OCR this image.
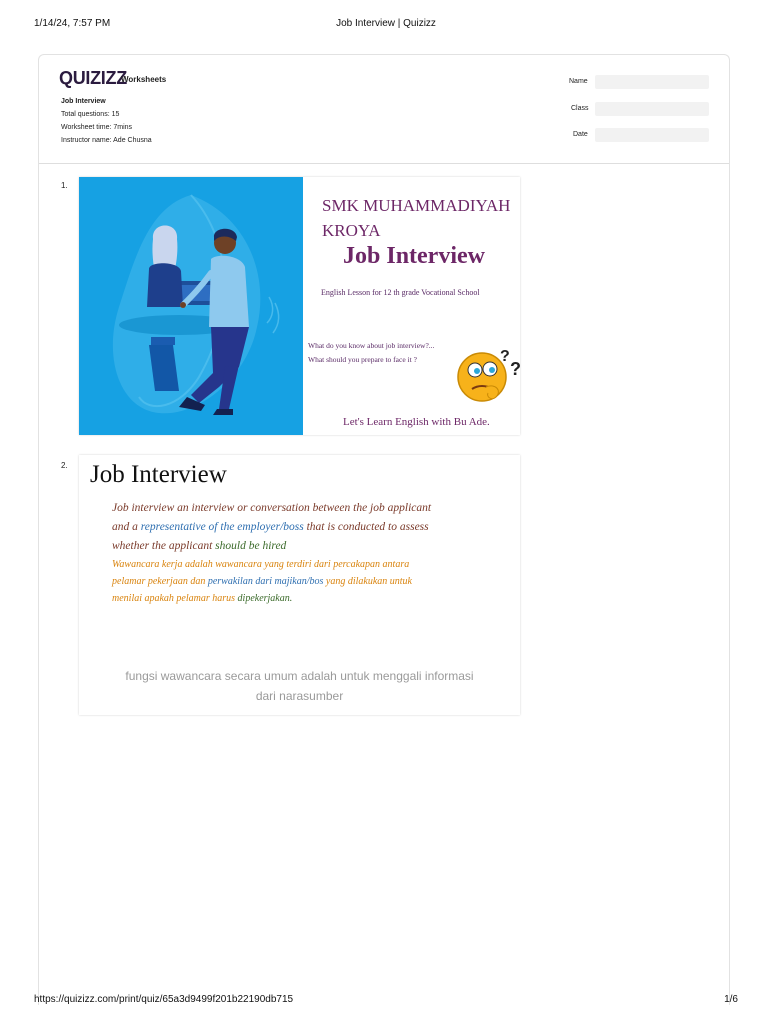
1/14/24, 7:57 PM	Job Interview | Quizizz
QUIZIZZ
Worksheets
Job Interview
Total questions: 15
Worksheet time: 7mins
Instructor name: Ade Chusna
Name
Class
Date
1.
SMK MUHAMMADIYAH
KROYA
Job Interview
English Lesson for 12 th grade Vocational School
What do you know about job interview?...
What should you prepare to face it ?	?
?
Let's Learn English with Bu Ade.
2. Job Interview
Job interview an interview or conversation between the job applicant
and a representative of the employer/boss that is conducted to assess
whether the applicant should be hired
Wawancara kerja adalah wawancara yang terdiri dari percakapan antara
pelamar pekerjaan dan perwakilan dari majikan/bos yang dilakukan untuk
menilai apakah pelamar harus dipekerjakan.
fungsi wawancara secara umum adalah untuk menggali informasi
dari narasumber
https://quizizz.com/print/quiz/65a3d9499f201b22190db715	1/6
